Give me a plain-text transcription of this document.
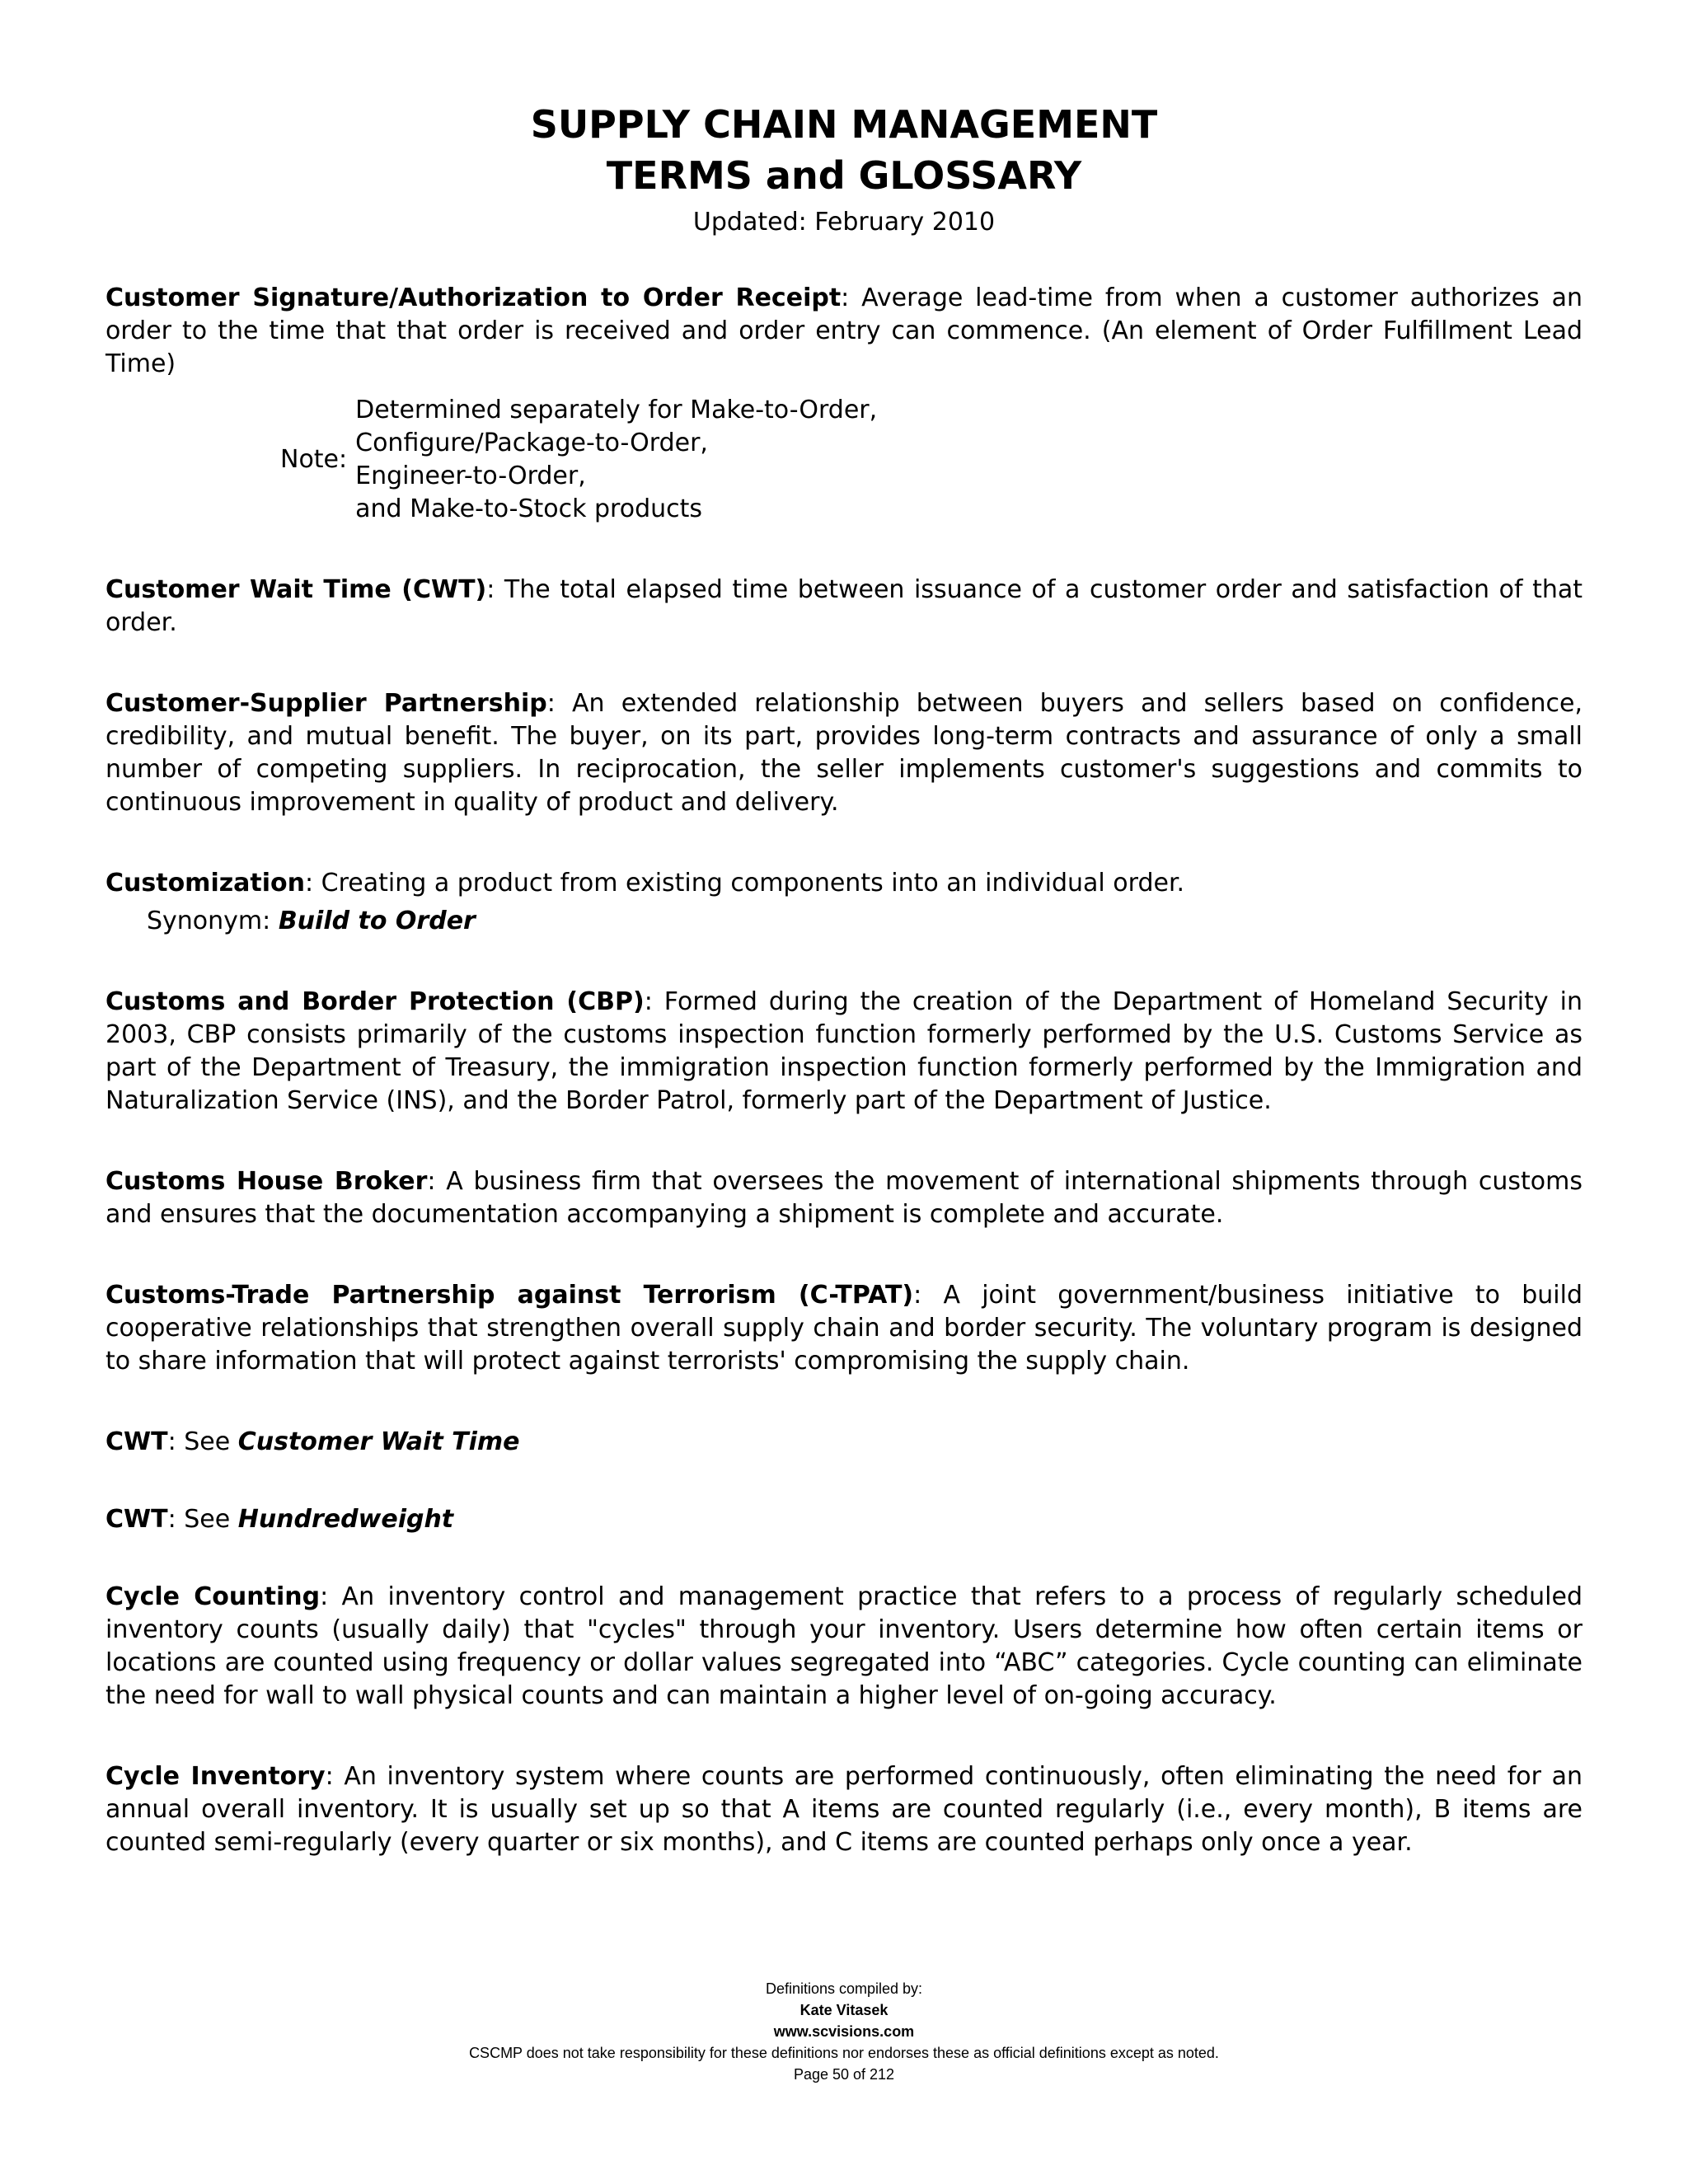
SUPPLY CHAIN MANAGEMENT
TERMS and GLOSSARY
Updated: February 2010

Customer Signature/Authorization to Order Receipt: Average lead-time from when a customer authorizes an order to the time that that order is received and order entry can commence. (An element of Order Fulfillment Lead Time)

Note:
Determined separately for Make-to-Order,
Configure/Package-to-Order,
Engineer-to-Order,
and Make-to-Stock products

Customer Wait Time (CWT): The total elapsed time between issuance of a customer order and satisfaction of that order.

Customer-Supplier Partnership: An extended relationship between buyers and sellers based on confidence, credibility, and mutual benefit. The buyer, on its part, provides long-term contracts and assurance of only a small number of competing suppliers. In reciprocation, the seller implements customer's suggestions and commits to continuous improvement in quality of product and delivery.

Customization: Creating a product from existing components into an individual order.

Synonym: Build to Order

Customs and Border Protection (CBP): Formed during the creation of the Department of Homeland Security in 2003, CBP consists primarily of the customs inspection function formerly performed by the U.S. Customs Service as part of the Department of Treasury, the immigration inspection function formerly performed by the Immigration and Naturalization Service (INS), and the Border Patrol, formerly part of the Department of Justice.

Customs House Broker: A business firm that oversees the movement of international shipments through customs and ensures that the documentation accompanying a shipment is complete and accurate.

Customs-Trade Partnership against Terrorism (C-TPAT): A joint government/business initiative to build cooperative relationships that strengthen overall supply chain and border security. The voluntary program is designed to share information that will protect against terrorists' compromising the supply chain.

CWT: See Customer Wait Time

CWT: See Hundredweight

Cycle Counting: An inventory control and management practice that refers to a process of regularly scheduled inventory counts (usually daily) that "cycles" through your inventory. Users determine how often certain items or locations are counted using frequency or dollar values segregated into “ABC” categories. Cycle counting can eliminate the need for wall to wall physical counts and can maintain a higher level of on-going accuracy.

Cycle Inventory: An inventory system where counts are performed continuously, often eliminating the need for an annual overall inventory. It is usually set up so that A items are counted regularly (i.e., every month), B items are counted semi-regularly (every quarter or six months), and C items are counted perhaps only once a year.

Definitions compiled by:
Kate Vitasek
www.scvisions.com
CSCMP does not take responsibility for these definitions nor endorses these as official definitions except as noted.
Page 50 of 212
